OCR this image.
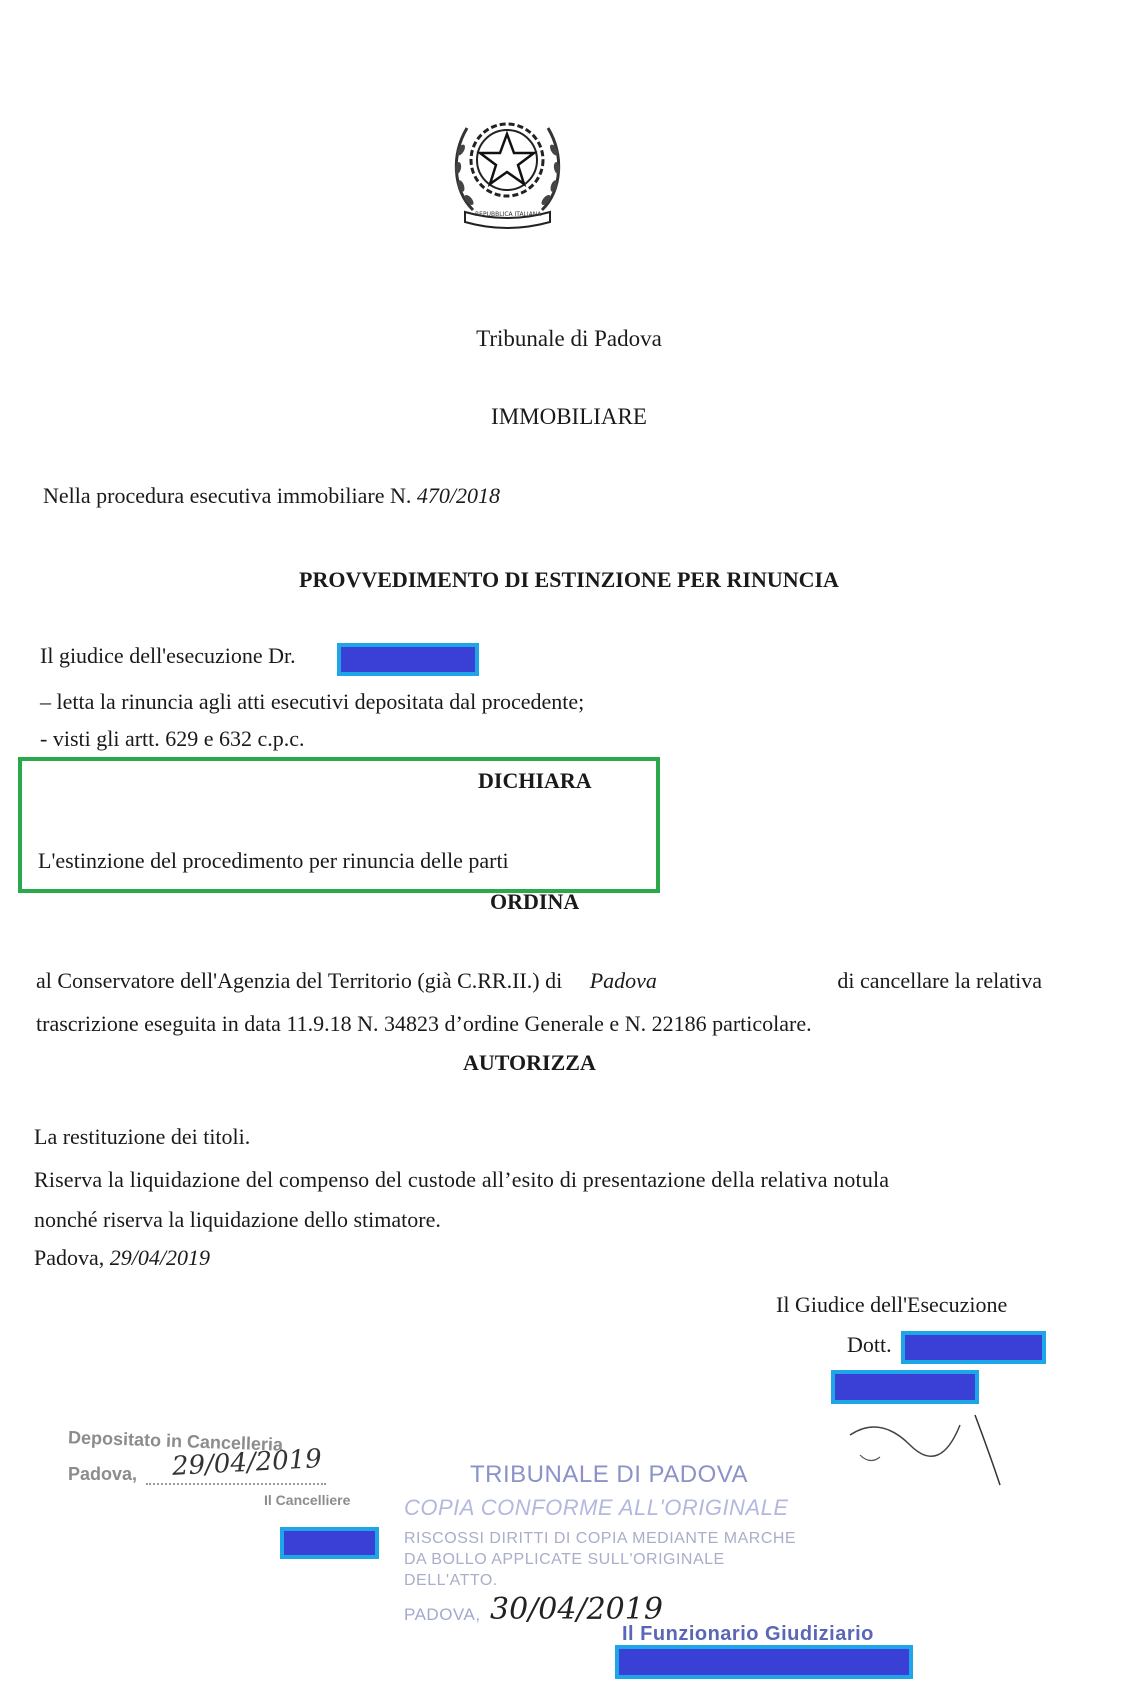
REPUBBLICA ITALIANA
Tribunale di Padova
IMMOBILIARE
Nella procedura esecutiva immobiliare N. 470/2018
PROVVEDIMENTO DI ESTINZIONE PER RINUNCIA
Il giudice dell'esecuzione Dr.
– letta la rinuncia agli atti esecutivi depositata dal procedente;
- visti gli artt. 629 e 632 c.p.c.
DICHIARA
L'estinzione del procedimento per rinuncia delle parti
ORDINA
al Conservatore dell'Agenzia del Territorio (già C.RR.II.) di Padova	di cancellare la relativa
trascrizione eseguita in data 11.9.18 N. 34823 d’ordine Generale e N. 22186 particolare.
AUTORIZZA
La restituzione dei titoli.
Riserva la liquidazione del compenso del custode all’esito di presentazione della relativa notula
nonché riserva la liquidazione dello stimatore.
Padova, 29/04/2019
Il Giudice dell'Esecuzione
Dott.
Depositato in Cancelleria
Padova, 29/04/2019
Il Cancelliere
TRIBUNALE DI PADOVA
COPIA CONFORME ALL'ORIGINALE
RISCOSSI DIRITTI DI COPIA MEDIANTE MARCHE
DA BOLLO APPLICATE SULL'ORIGINALE
DELL'ATTO.
PADOVA, 30/04/2019
Il Funzionario Giudiziario
